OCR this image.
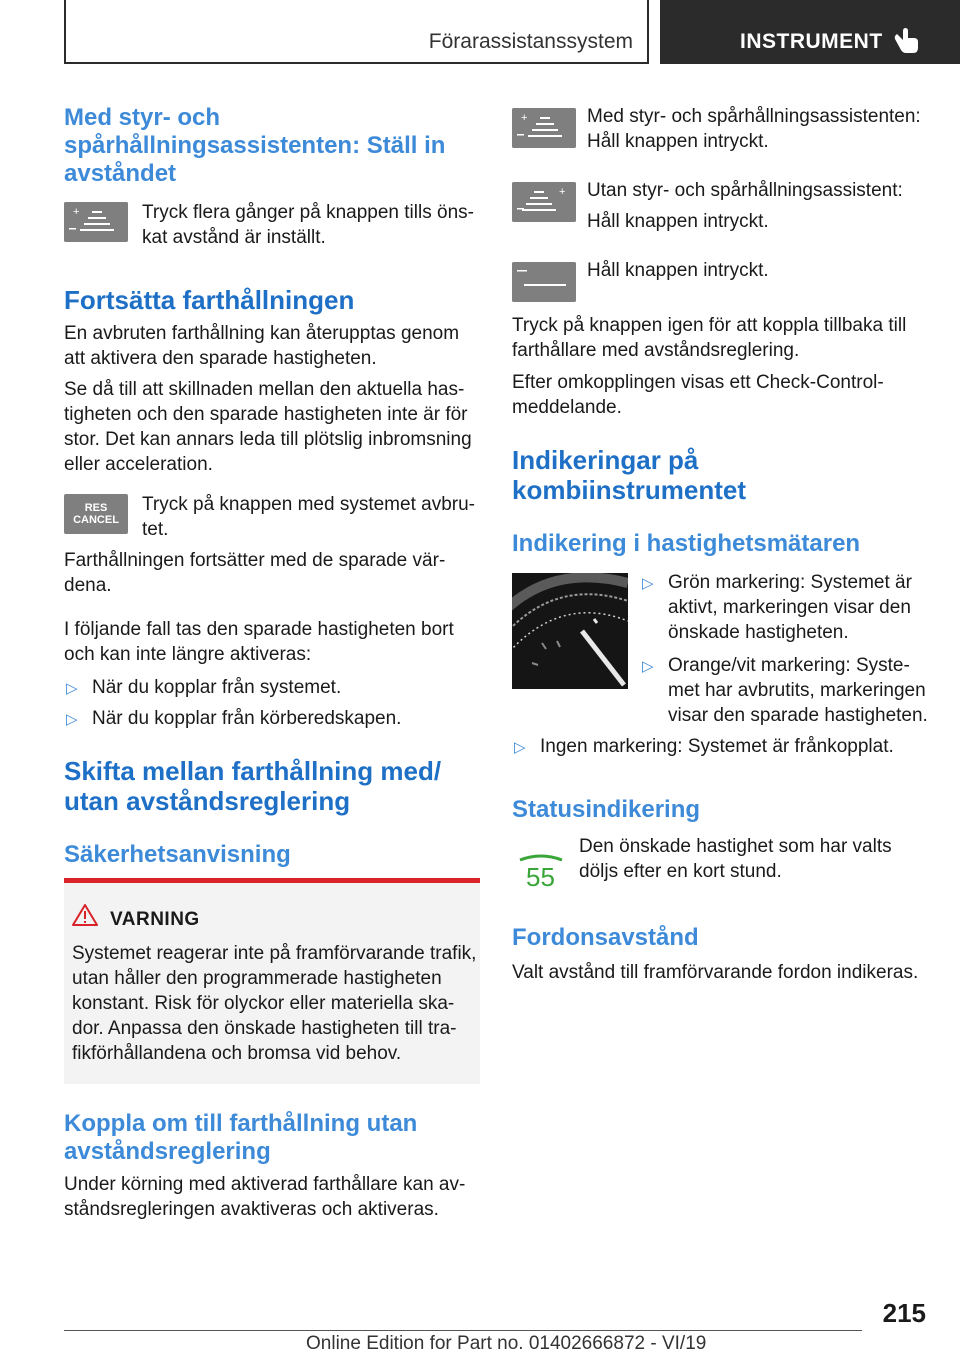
Förarassistanssystem	INSTRUMENT
Med styr- och spårhållningsassistenten: Ställ in avståndet
+	Tryck flera gånger på knappen tills önskat avstånd är inställt.
Fortsätta farthållningen
En avbruten farthållning kan återupptas genom att aktivera den sparade hastigheten.
Se då till att skillnaden mellan den aktuella hastigheten och den sparade hastigheten inte är för stor. Det kan annars leda till plötslig inbromsning eller acceleration.
RES
CANCEL
Tryck på knappen med systemet avbrutet.
Farthållningen fortsätter med de sparade värdena.
I följande fall tas den sparade hastigheten bort och kan inte längre aktiveras:
▷ När du kopplar från systemet.
▷ När du kopplar från körberedskapen.
Skifta mellan farthållning med/ utan avståndsreglering
Säkerhetsanvisning
VARNING
Systemet reagerar inte på framförvarande trafik, utan håller den programmerade hastigheten konstant. Risk för olyckor eller materiella skador. Anpassa den önskade hastigheten till trafikförhållandena och bromsa vid behov.
Koppla om till farthållning utan avståndsreglering
Under körning med aktiverad farthållare kan avståndsregleringen avaktiveras och aktiveras.
+	Med styr- och spårhållningsassistenten: Håll knappen intryckt.
+ Utan styr- och spårhållningsassistent:
Håll knappen intryckt.
Håll knappen intryckt.
Tryck på knappen igen för att koppla tillbaka till farthållare med avståndsreglering.
Efter omkopplingen visas ett Check-Control-meddelande.
Indikeringar på kombiinstrumentet
Indikering i hastighetsmätaren
▷ Grön markering: Systemet är aktivt, markeringen visar den önskade hastigheten.
▷ Orange/vit markering: Systemet har avbrutits, markeringen visar den sparade hastigheten.
▷ Ingen markering: Systemet är frånkopplat.
Statusindikering
55
Den önskade hastighet som har valts döljs efter en kort stund.
Fordonsavstånd
Valt avstånd till framförvarande fordon indikeras.
215
Online Edition for Part no. 01402666872 - VI/19
